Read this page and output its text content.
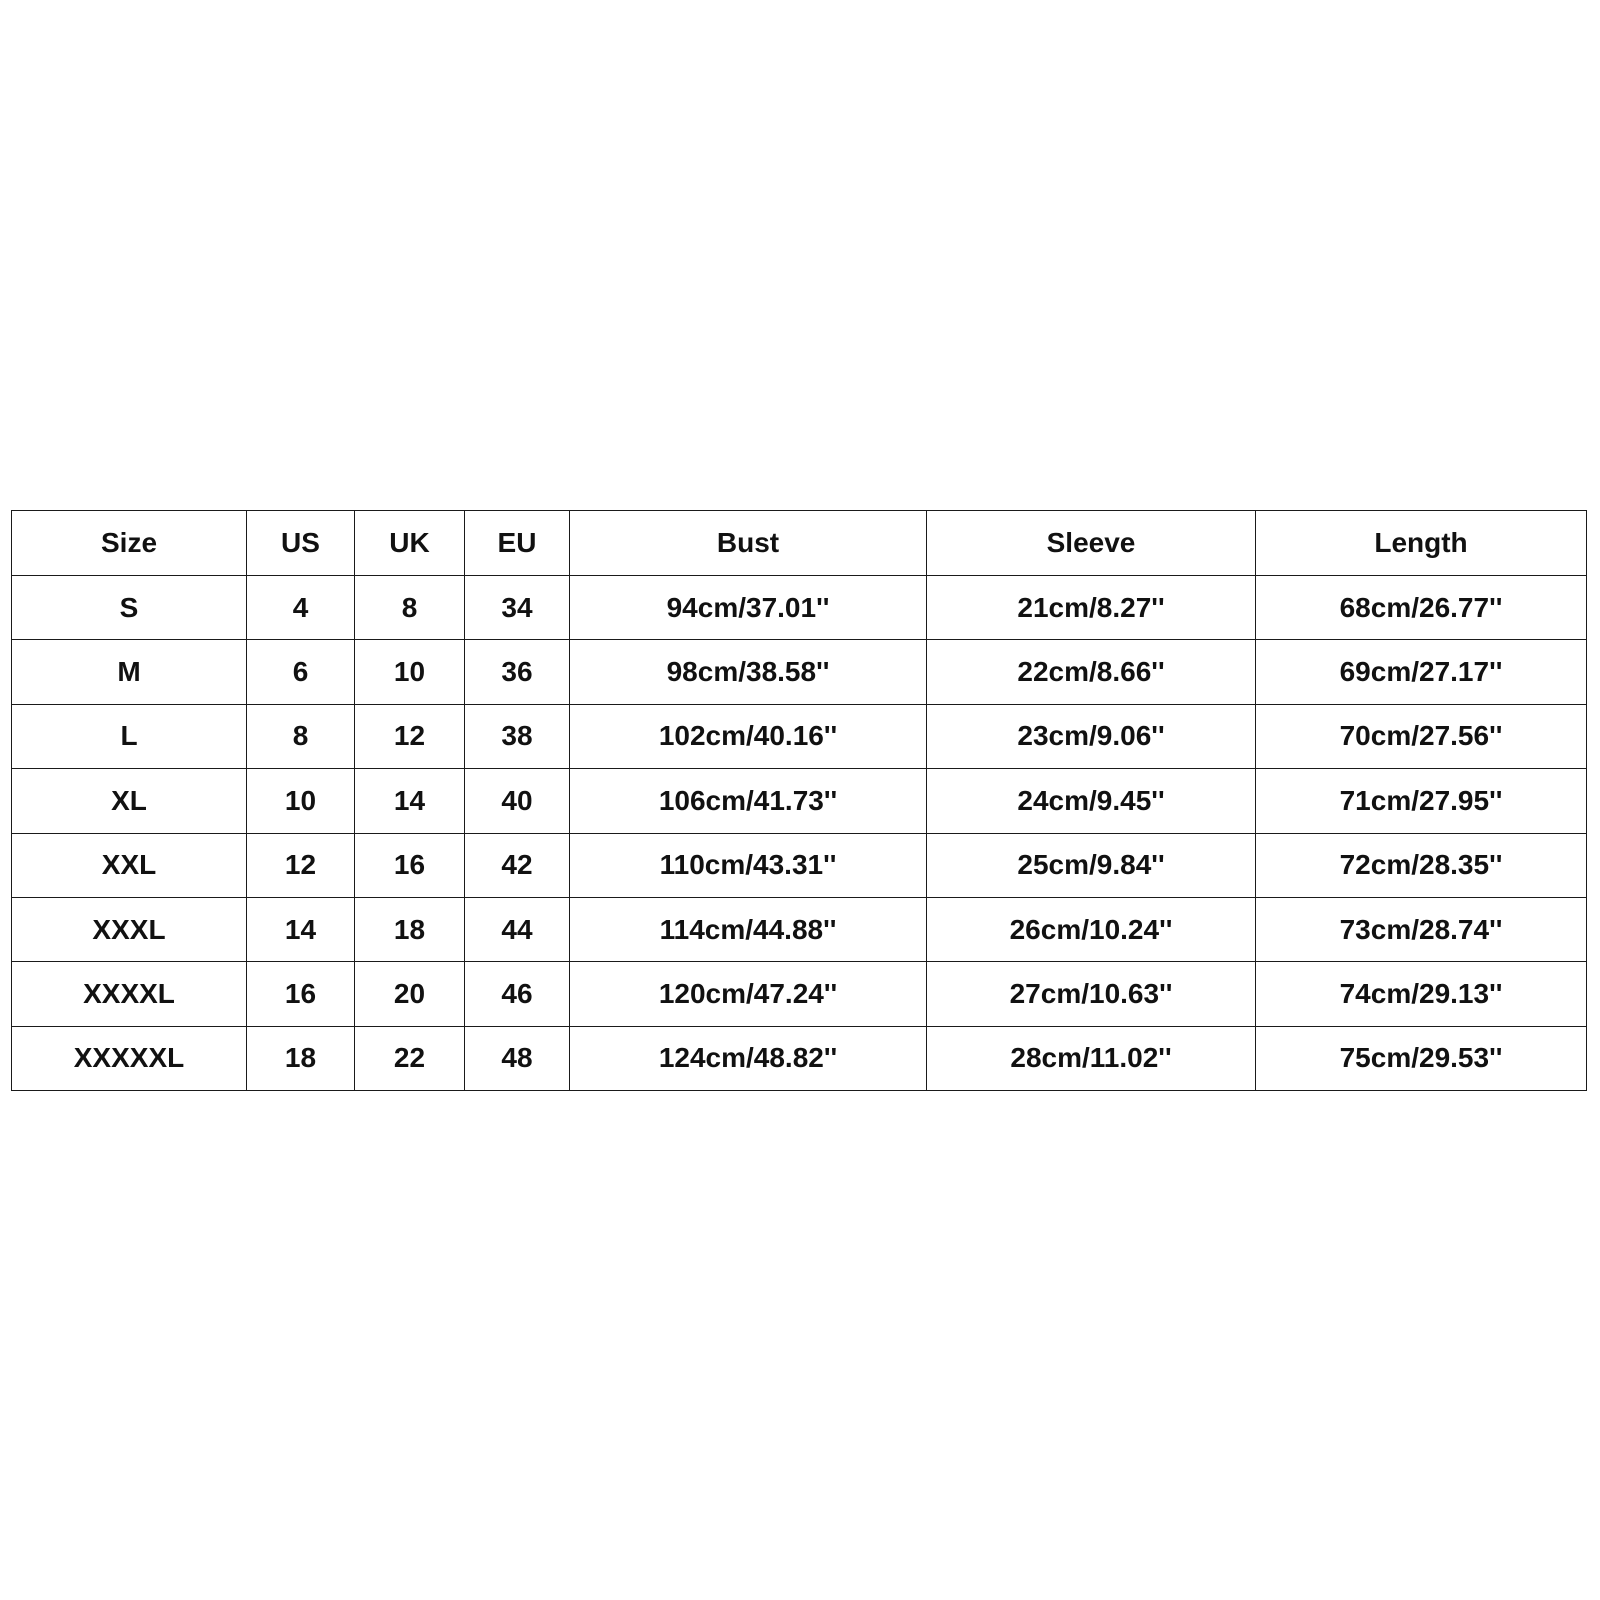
Size	US	UK	EU	Bust	Sleeve	Length
S	4	8	34	94cm/37.01''	21cm/8.27''	68cm/26.77''
M	6	10	36	98cm/38.58''	22cm/8.66''	69cm/27.17''
L	8	12	38	102cm/40.16''	23cm/9.06''	70cm/27.56''
XL	10	14	40	106cm/41.73''	24cm/9.45''	71cm/27.95''
XXL	12	16	42	110cm/43.31''	25cm/9.84''	72cm/28.35''
XXXL	14	18	44	114cm/44.88''	26cm/10.24''	73cm/28.74''
XXXXL	16	20	46	120cm/47.24''	27cm/10.63''	74cm/29.13''
XXXXXL	18	22	48	124cm/48.82''	28cm/11.02''	75cm/29.53''
